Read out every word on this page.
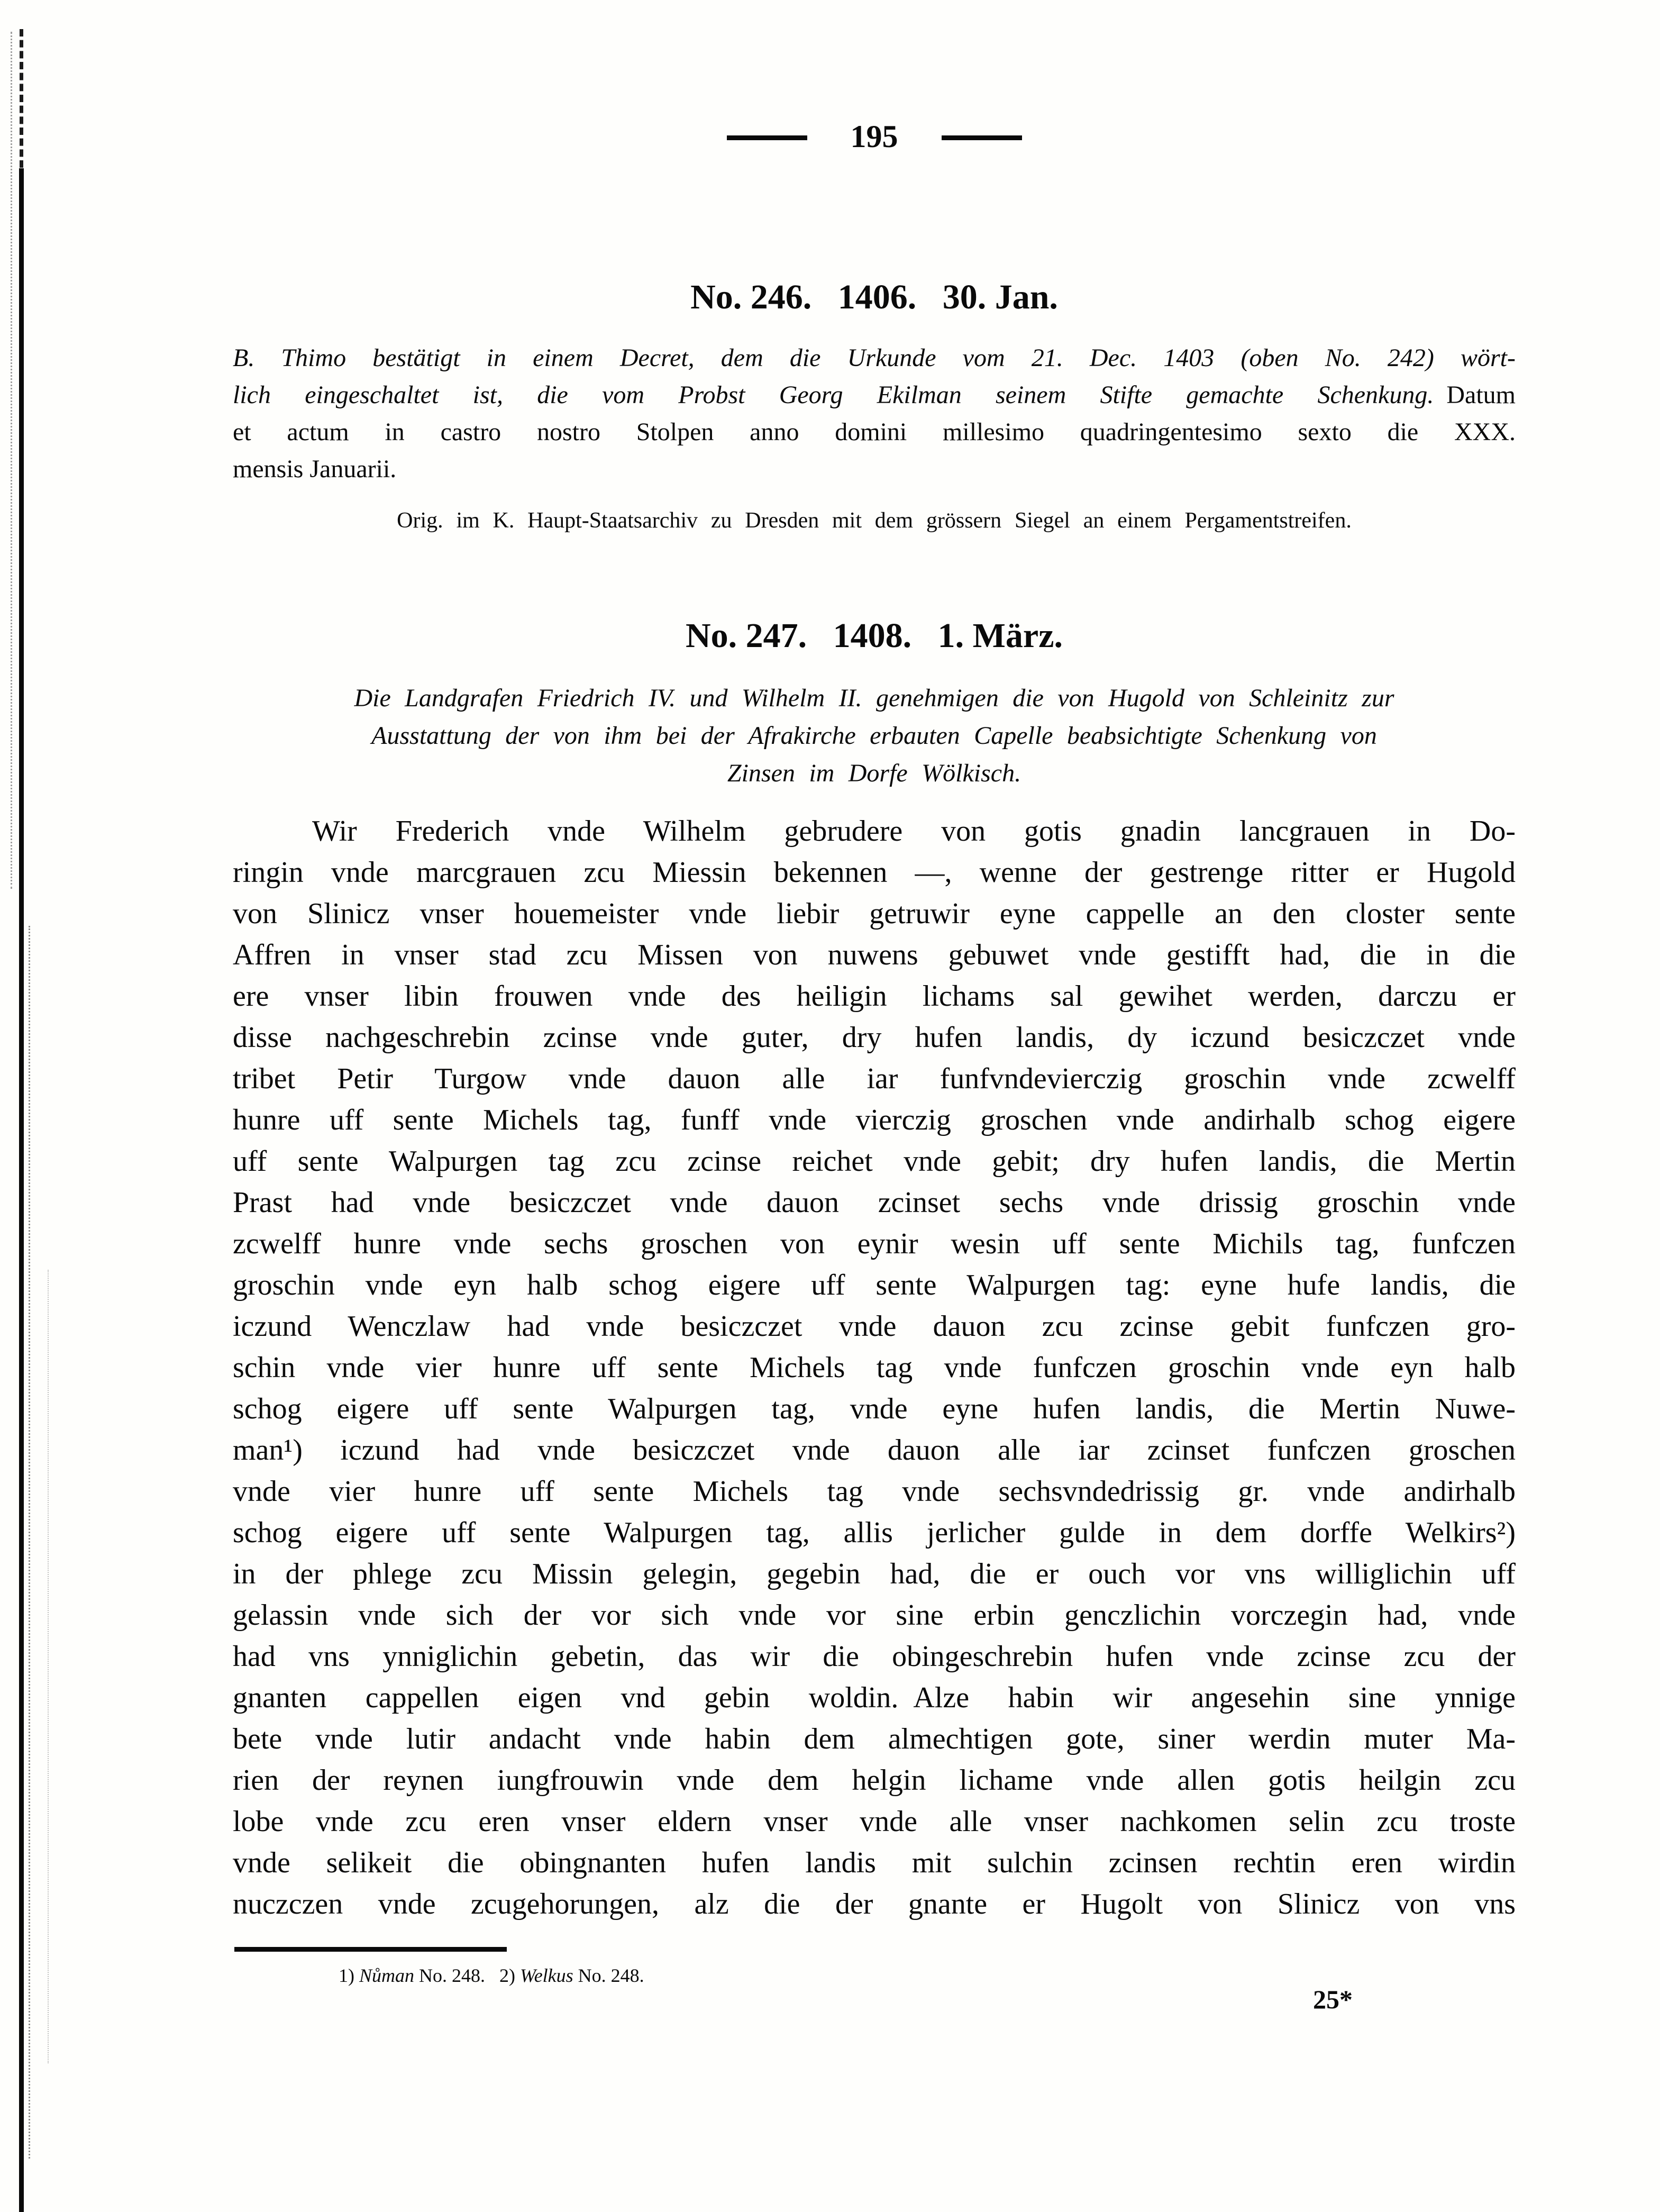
195
No. 246.  1406.  30. Jan.
B. Thimo bestätigt in einem Decret, dem die Urkunde vom 21. Dec. 1403 (oben No. 242) wört-
lich eingeschaltet ist, die vom Probst Georg Ekilman seinem Stifte gemachte Schenkung. Datum
et actum in castro nostro Stolpen anno domini millesimo quadringentesimo sexto die XXX.
mensis Januarii.
Orig. im K. Haupt-Staatsarchiv zu Dresden mit dem grössern Siegel an einem Pergamentstreifen.
No. 247.  1408.  1. März.
Die Landgrafen Friedrich IV. und Wilhelm II. genehmigen die von Hugold von Schleinitz zur
Ausstattung der von ihm bei der Afrakirche erbauten Capelle beabsichtigte Schenkung von
Zinsen im Dorfe Wölkisch.
Wir Frederich vnde Wilhelm gebrudere von gotis gnadin lancgrauen in Do-
ringin vnde marcgrauen zcu Miessin bekennen —, wenne der gestrenge ritter er Hugold
von Slinicz vnser houemeister vnde liebir getruwir eyne cappelle an den closter sente
Affren in vnser stad zcu Missen von nuwens gebuwet vnde gestifft had, die in die
ere vnser libin frouwen vnde des heiligin lichams sal gewihet werden, darczu er
disse nachgeschrebin zcinse vnde guter, dry hufen landis, dy iczund besiczczet vnde
tribet Petir Turgow vnde dauon alle iar funfvndevierczig groschin vnde zcwelff
hunre uff sente Michels tag, funff vnde vierczig groschen vnde andirhalb schog eigere
uff sente Walpurgen tag zcu zcinse reichet vnde gebit; dry hufen landis, die Mertin
Prast had vnde besiczczet vnde dauon zcinset sechs vnde drissig groschin vnde
zcwelff hunre vnde sechs groschen von eynir wesin uff sente Michils tag, funfczen
groschin vnde eyn halb schog eigere uff sente Walpurgen tag: eyne hufe landis, die
iczund Wenczlaw had vnde besiczczet vnde dauon zcu zcinse gebit funfczen gro-
schin vnde vier hunre uff sente Michels tag vnde funfczen groschin vnde eyn halb
schog eigere uff sente Walpurgen tag, vnde eyne hufen landis, die Mertin Nuwe-
man¹) iczund had vnde besiczczet vnde dauon alle iar zcinset funfczen groschen
vnde vier hunre uff sente Michels tag vnde sechsvndedrissig gr. vnde andirhalb
schog eigere uff sente Walpurgen tag, allis jerlicher gulde in dem dorffe Welkirs²)
in der phlege zcu Missin gelegin, gegebin had, die er ouch vor vns williglichin uff
gelassin vnde sich der vor sich vnde vor sine erbin genczlichin vorczegin had, vnde
had vns ynniglichin gebetin, das wir die obingeschrebin hufen vnde zcinse zcu der
gnanten cappellen eigen vnd gebin woldin. Alze habin wir angesehin sine ynnige
bete vnde lutir andacht vnde habin dem almechtigen gote, siner werdin muter Ma-
rien der reynen iungfrouwin vnde dem helgin lichame vnde allen gotis heilgin zcu
lobe vnde zcu eren vnser eldern vnser vnde alle vnser nachkomen selin zcu troste
vnde selikeit die obingnanten hufen landis mit sulchin zcinsen rechtin eren wirdin
nuczczen vnde zcugehorungen, alz die der gnante er Hugolt von Slinicz von vns
1) Nůman No. 248.  2) Welkus No. 248.
25*
